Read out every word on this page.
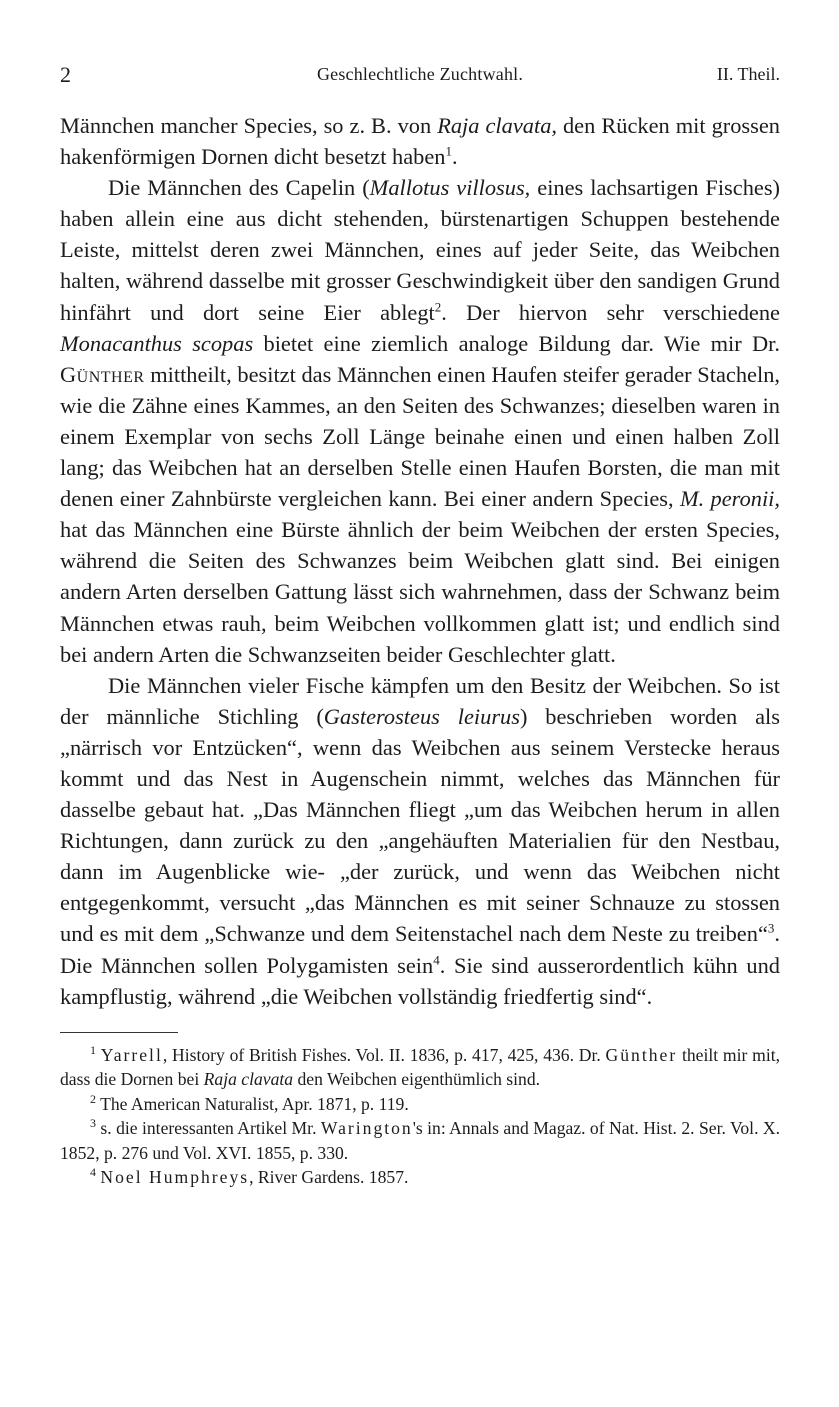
2	Geschlechtliche Zuchtwahl.	II. Theil.

Männchen mancher Species, so z. B. von Raja clavata, den Rücken mit grossen hakenförmigen Dornen dicht besetzt haben$^1$.

Die Männchen des Capelin (Mallotus villosus, eines lachsartigen Fisches) haben allein eine aus dicht stehenden, bürstenartigen Schuppen bestehende Leiste, mittelst deren zwei Männchen, eines auf jeder Seite, das Weibchen halten, während dasselbe mit grosser Geschwindigkeit über den sandigen Grund hinfährt und dort seine Eier ablegt$^2$. Der hiervon sehr verschiedene Monacanthus scopas bietet eine ziemlich analoge Bildung dar. Wie mir Dr. Günther mittheilt, besitzt das Männchen einen Haufen steifer gerader Stacheln, wie die Zähne eines Kammes, an den Seiten des Schwanzes; dieselben waren in einem Exemplar von sechs Zoll Länge beinahe einen und einen halben Zoll lang; das Weibchen hat an derselben Stelle einen Haufen Borsten, die man mit denen einer Zahnbürste vergleichen kann. Bei einer andern Species, M. peronii, hat das Männchen eine Bürste ähnlich der beim Weibchen der ersten Species, während die Seiten des Schwanzes beim Weibchen glatt sind. Bei einigen andern Arten derselben Gattung lässt sich wahrnehmen, dass der Schwanz beim Männchen etwas rauh, beim Weibchen vollkommen glatt ist; und endlich sind bei andern Arten die Schwanzseiten beider Geschlechter glatt.

Die Männchen vieler Fische kämpfen um den Besitz der Weibchen. So ist der männliche Stichling (Gasterosteus leiurus) beschrieben worden als „närrisch vor Entzücken“, wenn das Weibchen aus seinem Verstecke heraus kommt und das Nest in Augenschein nimmt, welches das Männchen für dasselbe gebaut hat. „Das Männchen fliegt „um das Weibchen herum in allen Richtungen, dann zurück zu den „angehäuften Materialien für den Nestbau, dann im Augenblicke wie- „der zurück, und wenn das Weibchen nicht entgegenkommt, versucht „das Männchen es mit seiner Schnauze zu stossen und es mit dem „Schwanze und dem Seitenstachel nach dem Neste zu treiben“$^3$. Die Männchen sollen Polygamisten sein$^4$. Sie sind ausserordentlich kühn und kampflustig, während „die Weibchen vollständig friedfertig sind“.

$^1$ Yarrell, History of British Fishes. Vol. II. 1836, p. 417, 425, 436. Dr. Günther theilt mir mit, dass die Dornen bei Raja clavata den Weibchen eigenthümlich sind.

$^2$ The American Naturalist, Apr. 1871, p. 119.

$^3$ s. die interessanten Artikel Mr. Warington's in: Annals and Magaz. of Nat. Hist. 2. Ser. Vol. X. 1852, p. 276 und Vol. XVI. 1855, p. 330.

$^4$ Noel Humphreys, River Gardens. 1857.
